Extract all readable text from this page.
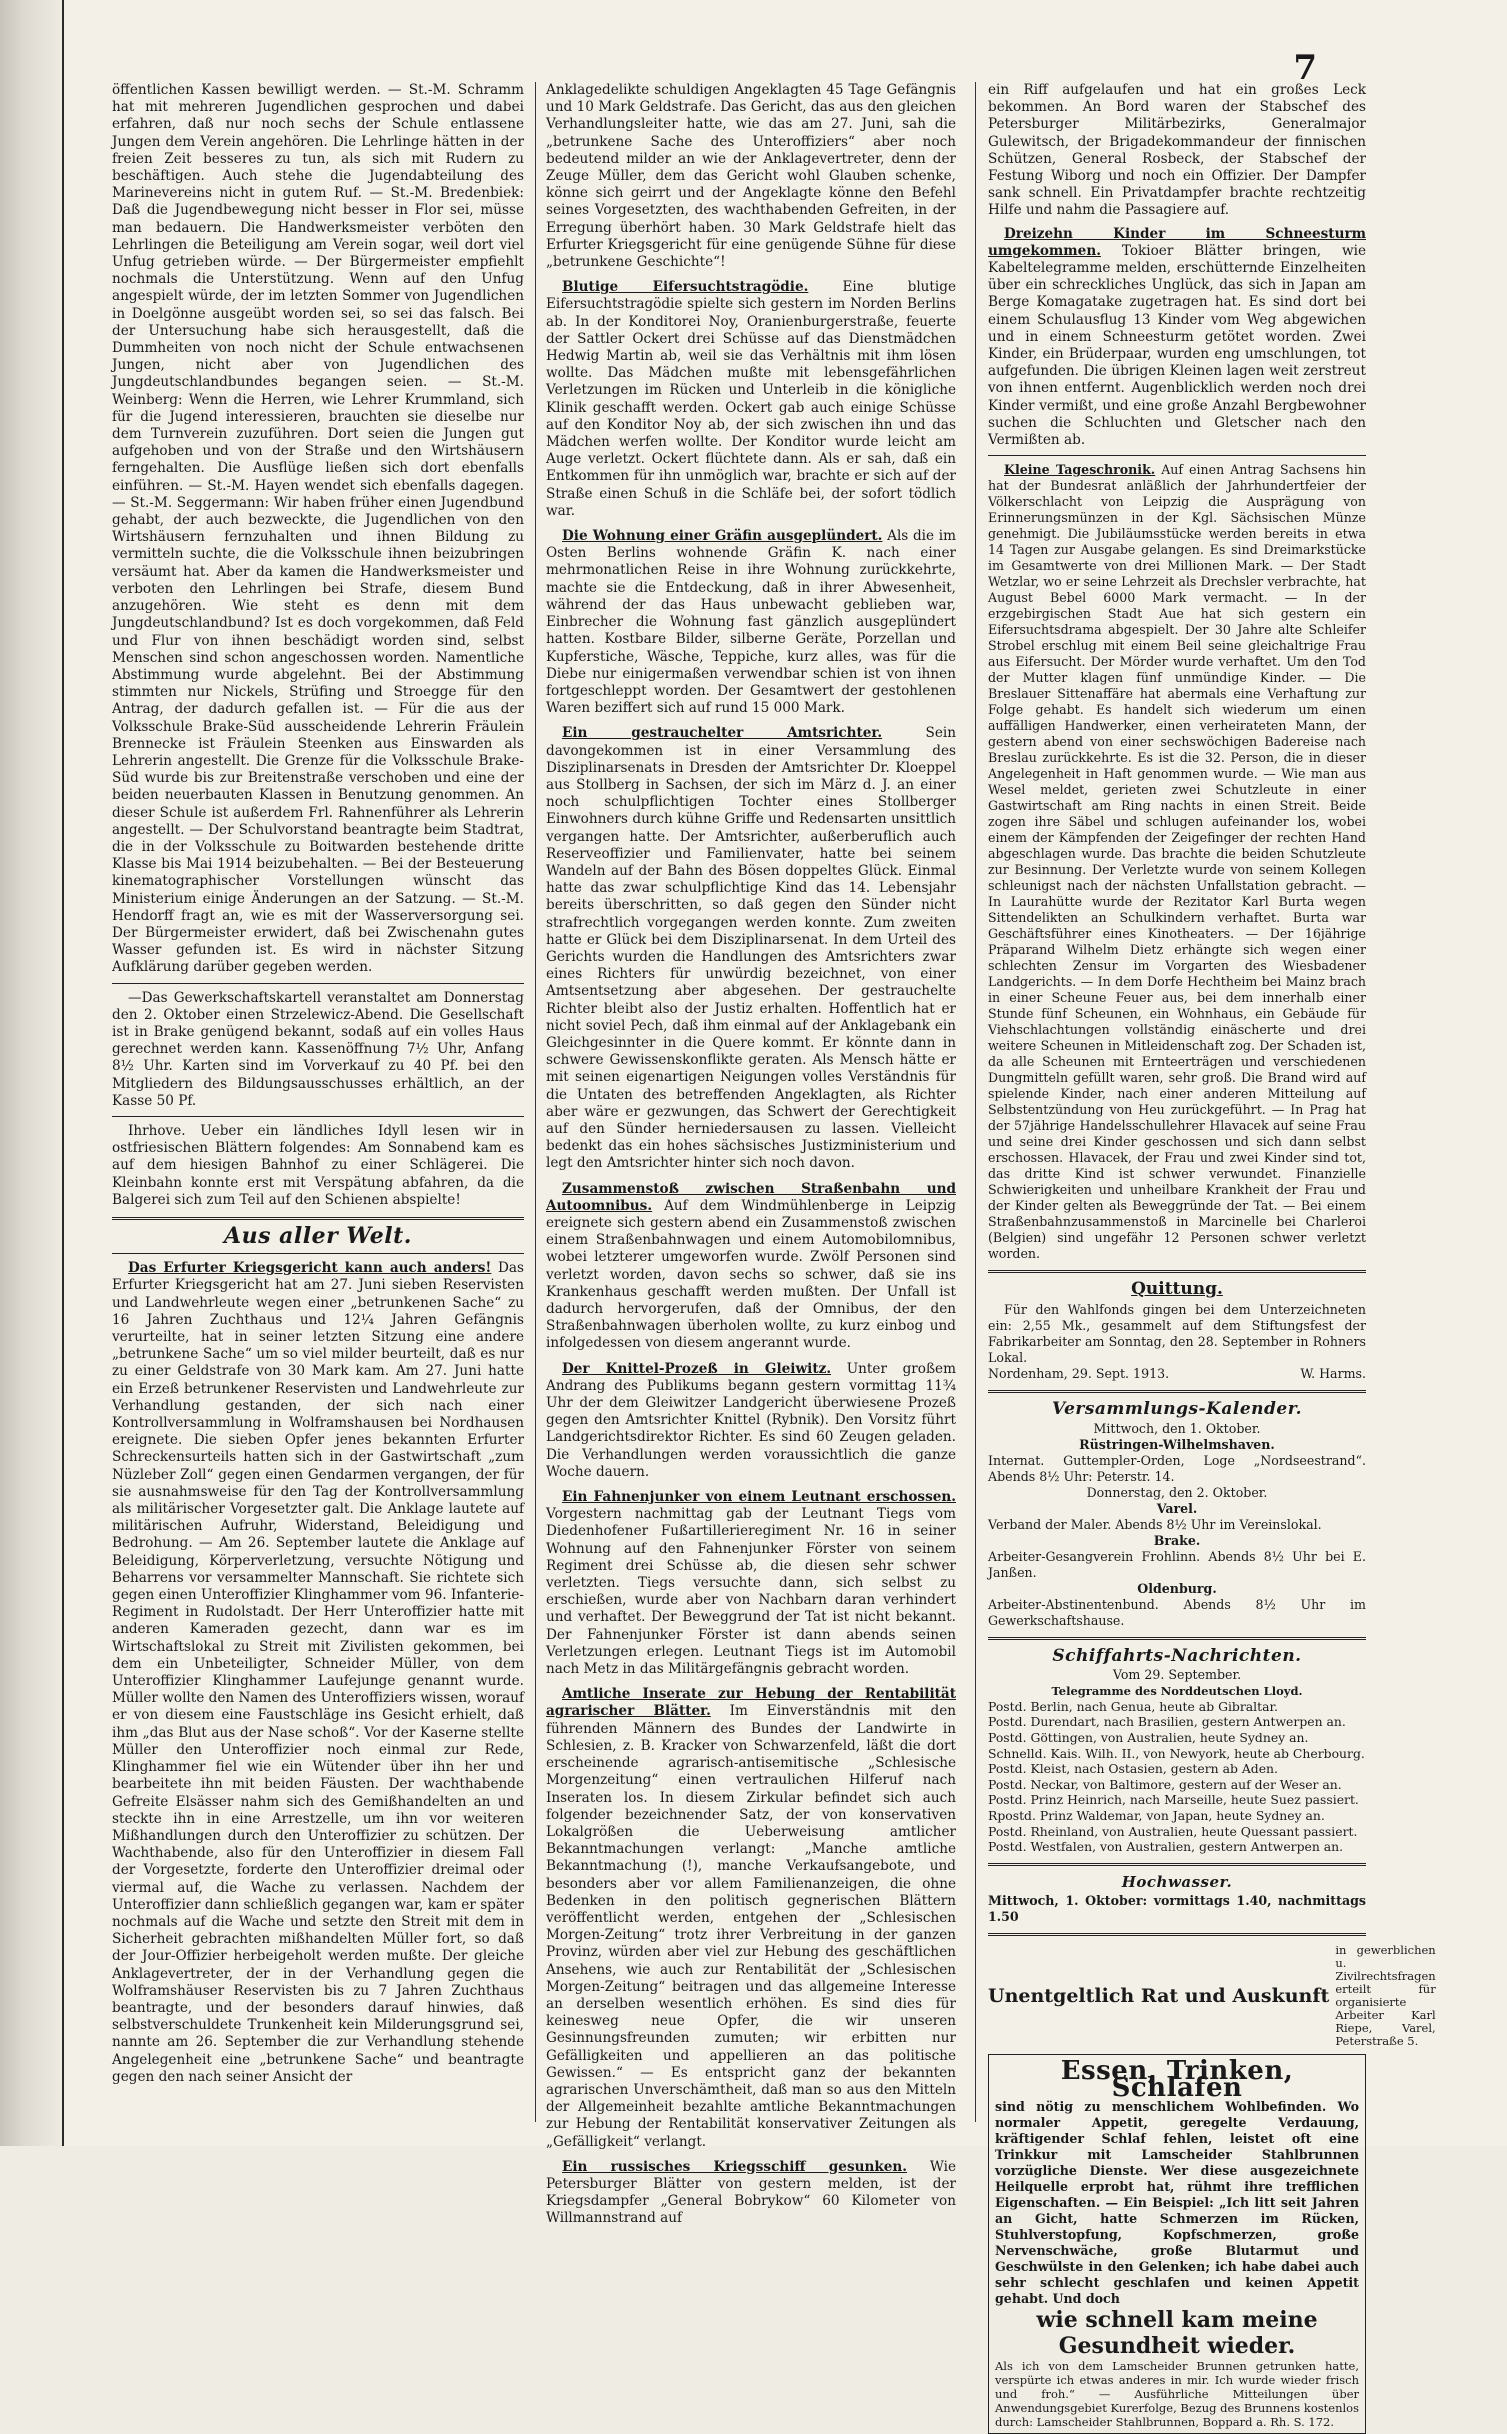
7

öffentlichen Kassen bewilligt werden. — St.-M. Schramm hat mit mehreren Jugendlichen gesprochen und dabei erfahren, daß nur noch sechs der Schule entlassene Jungen dem Verein angehören. Die Lehrlinge hätten in der freien Zeit besseres zu tun, als sich mit Rudern zu beschäftigen. Auch stehe die Jugendabteilung des Marinevereins nicht in gutem Ruf. — St.-M. Bredenbiek: Daß die Jugendbewegung nicht besser in Flor sei, müsse man bedauern. Die Handwerksmeister verböten den Lehrlingen die Beteiligung am Verein sogar, weil dort viel Unfug getrieben würde. — Der Bürgermeister empfiehlt nochmals die Unterstützung. Wenn auf den Unfug angespielt würde, der im letzten Sommer von Jugendlichen in Doelgönne ausgeübt worden sei, so sei das falsch. Bei der Untersuchung habe sich herausgestellt, daß die Dummheiten von noch nicht der Schule entwachsenen Jungen, nicht aber von Jugendlichen des Jungdeutschlandbundes begangen seien. — St.-M. Weinberg: Wenn die Herren, wie Lehrer Krummland, sich für die Jugend interessieren, brauchten sie dieselbe nur dem Turnverein zuzuführen. Dort seien die Jungen gut aufgehoben und von der Straße und den Wirtshäusern ferngehalten. Die Ausflüge ließen sich dort ebenfalls einführen. — St.-M. Hayen wendet sich ebenfalls dagegen. — St.-M. Seggermann: Wir haben früher einen Jugendbund gehabt, der auch bezweckte, die Jugendlichen von den Wirtshäusern fernzuhalten und ihnen Bildung zu vermitteln suchte, die die Volksschule ihnen beizubringen versäumt hat. Aber da kamen die Handwerksmeister und verboten den Lehrlingen bei Strafe, diesem Bund anzugehören. Wie steht es denn mit dem Jungdeutschlandbund? Ist es doch vorgekommen, daß Feld und Flur von ihnen beschädigt worden sind, selbst Menschen sind schon angeschossen worden. Namentliche Abstimmung wurde abgelehnt. Bei der Abstimmung stimmten nur Nickels, Strüfing und Stroegge für den Antrag, der dadurch gefallen ist. — Für die aus der Volksschule Brake-Süd ausscheidende Lehrerin Fräulein Brennecke ist Fräulein Steenken aus Einswarden als Lehrerin angestellt. Die Grenze für die Volksschule Brake-Süd wurde bis zur Breitenstraße verschoben und eine der beiden neuerbauten Klassen in Benutzung genommen. An dieser Schule ist außerdem Frl. Rahnenführer als Lehrerin angestellt. — Der Schulvorstand beantragte beim Stadtrat, die in der Volksschule zu Boitwarden bestehende dritte Klasse bis Mai 1914 beizubehalten. — Bei der Besteuerung kinematographischer Vorstellungen wünscht das Ministerium einige Änderungen an der Satzung. — St.-M. Hendorff fragt an, wie es mit der Wasserversorgung sei. Der Bürgermeister erwidert, daß bei Zwischenahn gutes Wasser gefunden ist. Es wird in nächster Sitzung Aufklärung darüber gegeben werden.

—Das Gewerkschaftskartell veranstaltet am Donnerstag den 2. Oktober einen Strzelewicz-Abend. Die Gesellschaft ist in Brake genügend bekannt, sodaß auf ein volles Haus gerechnet werden kann. Kassenöffnung 7½ Uhr, Anfang 8½ Uhr. Karten sind im Vorverkauf zu 40 Pf. bei den Mitgliedern des Bildungsausschusses erhältlich, an der Kasse 50 Pf.

Ihrhove. Ueber ein ländliches Idyll lesen wir in ostfriesischen Blättern folgendes: Am Sonnabend kam es auf dem hiesigen Bahnhof zu einer Schlägerei. Die Kleinbahn konnte erst mit Verspätung abfahren, da die Balgerei sich zum Teil auf den Schienen abspielte!

Aus aller Welt.

Das Erfurter Kriegsgericht kann auch anders! Das Erfurter Kriegsgericht hat am 27. Juni sieben Reservisten und Landwehrleute wegen einer „betrunkenen Sache“ zu 16 Jahren Zuchthaus und 12¼ Jahren Gefängnis verurteilte, hat in seiner letzten Sitzung eine andere „betrunkene Sache“ um so viel milder beurteilt, daß es nur zu einer Geldstrafe von 30 Mark kam. Am 27. Juni hatte ein Erzeß betrunkener Reservisten und Landwehrleute zur Verhandlung gestanden, der sich nach einer Kontrollversammlung in Wolframshausen bei Nordhausen ereignete. Die sieben Opfer jenes bekannten Erfurter Schreckensurteils hatten sich in der Gastwirtschaft „zum Nüzleber Zoll“ gegen einen Gendarmen vergangen, der für sie ausnahmsweise für den Tag der Kontrollversammlung als militärischer Vorgesetzter galt. Die Anklage lautete auf militärischen Aufruhr, Widerstand, Beleidigung und Bedrohung. — Am 26. September lautete die Anklage auf Beleidigung, Körperverletzung, versuchte Nötigung und Beharrens vor versammelter Mannschaft. Sie richtete sich gegen einen Unteroffizier Klinghammer vom 96. Infanterie-Regiment in Rudolstadt. Der Herr Unteroffizier hatte mit anderen Kameraden gezecht, dann war es im Wirtschaftslokal zu Streit mit Zivilisten gekommen, bei dem ein Unbeteiligter, Schneider Müller, von dem Unteroffizier Klinghammer Laufejunge genannt wurde. Müller wollte den Namen des Unteroffiziers wissen, worauf er von diesem eine Faustschläge ins Gesicht erhielt, daß ihm „das Blut aus der Nase schoß“. Vor der Kaserne stellte Müller den Unteroffizier noch einmal zur Rede, Klinghammer fiel wie ein Wütender über ihn her und bearbeitete ihn mit beiden Fäusten. Der wachthabende Gefreite Elsässer nahm sich des Gemißhandelten an und steckte ihn in eine Arrestzelle, um ihn vor weiteren Mißhandlungen durch den Unteroffizier zu schützen. Der Wachthabende, also für den Unteroffizier in diesem Fall der Vorgesetzte, forderte den Unteroffizier dreimal oder viermal auf, die Wache zu verlassen. Nachdem der Unteroffizier dann schließlich gegangen war, kam er später nochmals auf die Wache und setzte den Streit mit dem in Sicherheit gebrachten mißhandelten Müller fort, so daß der Jour-Offizier herbeigeholt werden mußte. Der gleiche Anklagevertreter, der in der Verhandlung gegen die Wolframshäuser Reservisten bis zu 7 Jahren Zuchthaus beantragte, und der besonders darauf hinwies, daß selbstverschuldete Trunkenheit kein Milderungsgrund sei, nannte am 26. September die zur Verhandlung stehende Angelegenheit eine „betrunkene Sache“ und beantragte gegen den nach seiner Ansicht der

Anklagedelikte schuldigen Angeklagten 45 Tage Gefängnis und 10 Mark Geldstrafe. Das Gericht, das aus den gleichen Verhandlungsleiter hatte, wie das am 27. Juni, sah die „betrunkene Sache des Unteroffiziers“ aber noch bedeutend milder an wie der Anklagevertreter, denn der Zeuge Müller, dem das Gericht wohl Glauben schenke, könne sich geirrt und der Angeklagte könne den Befehl seines Vorgesetzten, des wachthabenden Gefreiten, in der Erregung überhört haben. 30 Mark Geldstrafe hielt das Erfurter Kriegsgericht für eine genügende Sühne für diese „betrunkene Geschichte“!

Blutige Eifersuchtstragödie.	Eine blutige Eifersuchtstragödie spielte sich gestern im Norden Berlins ab. In der Konditorei Noy, Oranienburgerstraße, feuerte der Sattler Ockert drei Schüsse auf das Dienstmädchen Hedwig Martin ab, weil sie das Verhältnis mit ihm lösen wollte. Das Mädchen mußte mit lebensgefährlichen Verletzungen im Rücken und Unterleib in die königliche Klinik geschafft werden. Ockert gab auch einige Schüsse auf den Konditor Noy ab, der sich zwischen ihn und das Mädchen werfen wollte. Der Konditor wurde leicht am Auge verletzt. Ockert flüchtete dann. Als er sah, daß ein Entkommen für ihn unmöglich war, brachte er sich auf der Straße einen Schuß in die Schläfe bei, der sofort tödlich war.

Die Wohnung einer Gräfin ausgeplündert. Als die im Osten Berlins wohnende Gräfin K. nach einer mehrmonatlichen Reise in ihre Wohnung zurückkehrte, machte sie die Entdeckung, daß in ihrer Abwesenheit, während der das Haus unbewacht geblieben war, Einbrecher die Wohnung fast gänzlich ausgeplündert hatten. Kostbare Bilder, silberne Geräte, Porzellan und Kupferstiche, Wäsche, Teppiche, kurz alles, was für die Diebe nur einigermaßen verwendbar schien ist von ihnen fortgeschleppt worden. Der Gesamtwert der gestohlenen Waren beziffert sich auf rund 15 000 Mark.

Ein gestrauchelter Amtsrichter.	Sein davongekommen ist in einer Versammlung des Disziplinarsenats in Dresden der Amtsrichter Dr. Kloeppel aus Stollberg in Sachsen, der sich im März d. J. an einer noch schulpflichtigen Tochter eines Stollberger Einwohners durch kühne Griffe und Redensarten unsittlich vergangen hatte. Der Amtsrichter, außerberuflich auch Reserveoffizier und Familienvater, hatte bei seinem Wandeln auf der Bahn des Bösen doppeltes Glück. Einmal hatte das zwar schulpflichtige Kind das 14. Lebensjahr bereits überschritten, so daß gegen den Sünder nicht strafrechtlich vorgegangen werden konnte. Zum zweiten hatte er Glück bei dem Disziplinarsenat. In dem Urteil des Gerichts wurden die Handlungen des Amtsrichters zwar eines Richters für unwürdig bezeichnet, von einer Amtsentsetzung aber abgesehen. Der gestrauchelte Richter bleibt also der Justiz erhalten. Hoffentlich hat er nicht soviel Pech, daß ihm einmal auf der Anklagebank ein Gleichgesinnter in die Quere kommt. Er könnte dann in schwere Gewissenskonflikte geraten. Als Mensch hätte er mit seinen eigenartigen Neigungen volles Verständnis für die Untaten des betreffenden Angeklagten, als Richter aber wäre er gezwungen, das Schwert der Gerechtigkeit auf den Sünder herniedersausen zu lassen. Vielleicht bedenkt das ein hohes sächsisches Justizministerium und legt den Amtsrichter hinter sich noch davon.

Zusammenstoß zwischen Straßenbahn und Autoomnibus. Auf dem Windmühlenberge in Leipzig ereignete sich gestern abend ein Zusammenstoß zwischen einem Straßenbahnwagen und einem Automobilomnibus, wobei letzterer umgeworfen wurde. Zwölf Personen sind verletzt worden, davon sechs so schwer, daß sie ins Krankenhaus geschafft werden mußten. Der Unfall ist dadurch hervorgerufen, daß der Omnibus, der den Straßenbahnwagen überholen wollte, zu kurz einbog und infolgedessen von diesem angerannt wurde.

Der Knittel-Prozeß in Gleiwitz. Unter großem Andrang des Publikums begann gestern vormittag 11¾ Uhr der dem Gleiwitzer Landgericht überwiesene Prozeß gegen den Amtsrichter Knittel (Rybnik). Den Vorsitz führt Landgerichtsdirektor Richter. Es sind 60 Zeugen geladen. Die Verhandlungen werden voraussichtlich die ganze Woche dauern.

Ein Fahnenjunker von einem Leutnant erschossen. Vorgestern nachmittag gab der Leutnant Tiegs vom Diedenhofener Fußartillerieregiment Nr. 16 in seiner Wohnung auf den Fahnenjunker Förster von seinem Regiment drei Schüsse ab, die diesen sehr schwer verletzten. Tiegs versuchte dann, sich selbst zu erschießen, wurde aber von Nachbarn daran verhindert und verhaftet. Der Beweggrund der Tat ist nicht bekannt. Der Fahnenjunker Förster ist dann abends seinen Verletzungen erlegen. Leutnant Tiegs ist im Automobil nach Metz in das Militärgefängnis gebracht worden.

Amtliche Inserate zur Hebung der Rentabilität agrarischer Blätter. Im Einverständnis mit den führenden Männern des Bundes der Landwirte in Schlesien, z. B. Kracker von Schwarzenfeld, läßt die dort erscheinende agrarisch-antisemitische „Schlesische Morgenzeitung“ einen vertraulichen Hilferuf nach Inseraten los. In diesem Zirkular befindet sich auch folgender bezeichnender Satz, der von konservativen Lokalgrößen die Ueberweisung amtlicher Bekanntmachungen verlangt: „Manche amtliche Bekanntmachung (!), manche Verkaufsangebote, und besonders aber vor allem Familienanzeigen, die ohne Bedenken in den politisch gegnerischen Blättern veröffentlicht werden, entgehen der „Schlesischen Morgen-Zeitung“ trotz ihrer Verbreitung in der ganzen Provinz, würden aber viel zur Hebung des geschäftlichen Ansehens, wie auch zur Rentabilität der „Schlesischen Morgen-Zeitung“ beitragen und das allgemeine Interesse an derselben wesentlich erhöhen. Es sind dies für keinesweg neue Opfer, die wir unseren Gesinnungsfreunden zumuten; wir erbitten nur Gefälligkeiten und appellieren an das politische Gewissen.“ — Es entspricht ganz der bekannten agrarischen Unverschämtheit, daß man so aus den Mitteln der Allgemeinheit bezahlte amtliche Bekanntmachungen zur Hebung der Rentabilität konservativer Zeitungen als „Gefälligkeit“ verlangt.

Ein russisches Kriegsschiff gesunken. Wie Petersburger Blätter von gestern melden, ist der Kriegsdampfer „General Bobrykow“ 60 Kilometer von Willmannstrand auf

ein Riff aufgelaufen und hat ein großes Leck bekommen. An Bord waren der Stabschef des Petersburger Militärbezirks, Generalmajor Gulewitsch, der Brigadekommandeur der finnischen Schützen, General Rosbeck, der Stabschef der Festung Wiborg und noch ein Offizier. Der Dampfer sank schnell. Ein Privatdampfer brachte rechtzeitig Hilfe und nahm die Passagiere auf.

Dreizehn Kinder im Schneesturm umgekommen. Tokioer Blätter bringen, wie Kabeltelegramme melden, erschütternde Einzelheiten über ein schreckliches Unglück, das sich in Japan am Berge Komagatake zugetragen hat. Es sind dort bei einem Schulausflug 13 Kinder vom Weg abgewichen und in einem Schneesturm getötet worden. Zwei Kinder, ein Brüderpaar, wurden eng umschlungen, tot aufgefunden. Die übrigen Kleinen lagen weit zerstreut von ihnen entfernt. Augenblicklich werden noch drei Kinder vermißt, und eine große Anzahl Bergbewohner suchen die Schluchten und Gletscher nach den Vermißten ab.

Kleine Tageschronik. Auf einen Antrag Sachsens hin hat der Bundesrat anläßlich der Jahrhundertfeier der Völkerschlacht von Leipzig die Ausprägung von Erinnerungsmünzen in der Kgl. Sächsischen Münze genehmigt. Die Jubiläumsstücke werden bereits in etwa 14 Tagen zur Ausgabe gelangen. Es sind Dreimarkstücke im Gesamtwerte von drei Millionen Mark. — Der Stadt Wetzlar, wo er seine Lehrzeit als Drechsler verbrachte, hat August Bebel 6000 Mark vermacht. — In der erzgebirgischen Stadt Aue hat sich gestern ein Eifersuchtsdrama abgespielt. Der 30 Jahre alte Schleifer Strobel erschlug mit einem Beil seine gleichaltrige Frau aus Eifersucht. Der Mörder wurde verhaftet. Um den Tod der Mutter klagen fünf unmündige Kinder. — Die Breslauer Sittenaffäre hat abermals eine Verhaftung zur Folge gehabt. Es handelt sich wiederum um einen auffälligen Handwerker, einen verheirateten Mann, der gestern abend von einer sechswöchigen Badereise nach Breslau zurückkehrte. Es ist die 32. Person, die in dieser Angelegenheit in Haft genommen wurde. — Wie man aus Wesel meldet, gerieten zwei Schutzleute in einer Gastwirtschaft am Ring nachts in einen Streit. Beide zogen ihre Säbel und schlugen aufeinander los, wobei einem der Kämpfenden der Zeigefinger der rechten Hand abgeschlagen wurde. Das brachte die beiden Schutzleute zur Besinnung. Der Verletzte wurde von seinem Kollegen schleunigst nach der nächsten Unfallstation gebracht. — In Laurahütte wurde der Rezitator Karl Burta wegen Sittendelikten an Schulkindern verhaftet. Burta war Geschäftsführer eines Kinotheaters. — Der 16jährige Präparand Wilhelm Dietz erhängte sich wegen einer schlechten Zensur im Vorgarten des Wiesbadener Landgerichts. — In dem Dorfe Hechtheim bei Mainz brach in einer Scheune Feuer aus, bei dem innerhalb einer Stunde fünf Scheunen, ein Wohnhaus, ein Gebäude für Viehschlachtungen vollständig einäscherte und drei weitere Scheunen in Mitleidenschaft zog. Der Schaden ist, da alle Scheunen mit Ernteerträgen und verschiedenen Dungmitteln gefüllt waren, sehr groß. Die Brand wird auf spielende Kinder, nach einer anderen Mitteilung auf Selbstentzündung von Heu zurückgeführt. — In Prag hat der 57jährige Handelsschullehrer Hlavacek auf seine Frau und seine drei Kinder geschossen und sich dann selbst erschossen. Hlavacek, der Frau und zwei Kinder sind tot, das dritte Kind ist schwer verwundet. Finanzielle Schwierigkeiten und unheilbare Krankheit der Frau und der Kinder gelten als Beweggründe der Tat. — Bei einem Straßenbahnzusammenstoß in Marcinelle bei Charleroi (Belgien) sind ungefähr 12 Personen schwer verletzt worden.

Quittung.

Für den Wahlfonds gingen bei dem Unterzeichneten ein: 2,55 Mk., gesammelt auf dem Stiftungsfest der Fabrikarbeiter am Sonntag, den 28. September in Rohners Lokal.

Nordenham, 29. Sept. 1913.	W. Harms.
Versammlungs-Kalender.
Mittwoch, den 1. Oktober.
Rüstringen-Wilhelmshaven.
Internat. Guttempler-Orden, Loge „Nordseestrand“. Abends 8½ Uhr: Peterstr. 14.
Donnerstag, den 2. Oktober.
Varel.
Verband der Maler. Abends 8½ Uhr im Vereinslokal.
Brake.
Arbeiter-Gesangverein Frohlinn. Abends 8½ Uhr bei E. Janßen.
Oldenburg.
Arbeiter-Abstinentenbund. Abends 8½ Uhr im Gewerkschaftshause.
Schiffahrts-Nachrichten.
Vom 29. September.
Telegramme des Norddeutschen Lloyd.
Postd. Berlin, nach Genua, heute ab Gibraltar.
Postd. Durendart, nach Brasilien, gestern Antwerpen an.
Postd. Göttingen, von Australien, heute Sydney an.
Schnelld. Kais. Wilh. II., von Newyork, heute ab Cherbourg.
Postd. Kleist, nach Ostasien, gestern ab Aden.
Postd. Neckar, von Baltimore, gestern auf der Weser an.
Postd. Prinz Heinrich, nach Marseille, heute Suez passiert.
Rpostd. Prinz Waldemar, von Japan, heute Sydney an.
Postd. Rheinland, von Australien, heute Quessant passiert.
Postd. Westfalen, von Australien, gestern Antwerpen an.
Hochwasser.
Mittwoch, 1. Oktober: vormittags 1.40, nachmittags 1.50
Unentgeltlich Rat und Auskunft
in gewerblichen u. Zivilrechtsfragen erteilt für organisierte Arbeiter Karl Riepe, Varel, Peterstraße 5.
Essen, Trinken, Schlafen

sind nötig zu menschlichem Wohlbefinden. Wo normaler Appetit, geregelte Verdauung, kräftigender Schlaf fehlen, leistet oft eine Trinkkur mit Lamscheider Stahlbrunnen vorzügliche Dienste. Wer diese ausgezeichnete Heilquelle erprobt hat, rühmt ihre trefflichen Eigenschaften. — Ein Beispiel: „Ich litt seit Jahren an Gicht, hatte Schmerzen im Rücken, Stuhlverstopfung, Kopfschmerzen, große Nervenschwäche, große Blutarmut und Geschwülste in den Gelenken; ich habe dabei auch sehr schlecht geschlafen und keinen Appetit gehabt. Und doch

wie schnell kam meine Gesundheit wieder.

Als ich von dem Lamscheider Brunnen getrunken hatte, verspürte ich etwas anderes in mir. Ich wurde wieder frisch und froh.“ — Ausführliche Mitteilungen über Anwendungsgebiet Kurerfolge, Bezug des Brunnens kostenlos durch: Lamscheider Stahlbrunnen, Boppard a. Rh. S. 172.
